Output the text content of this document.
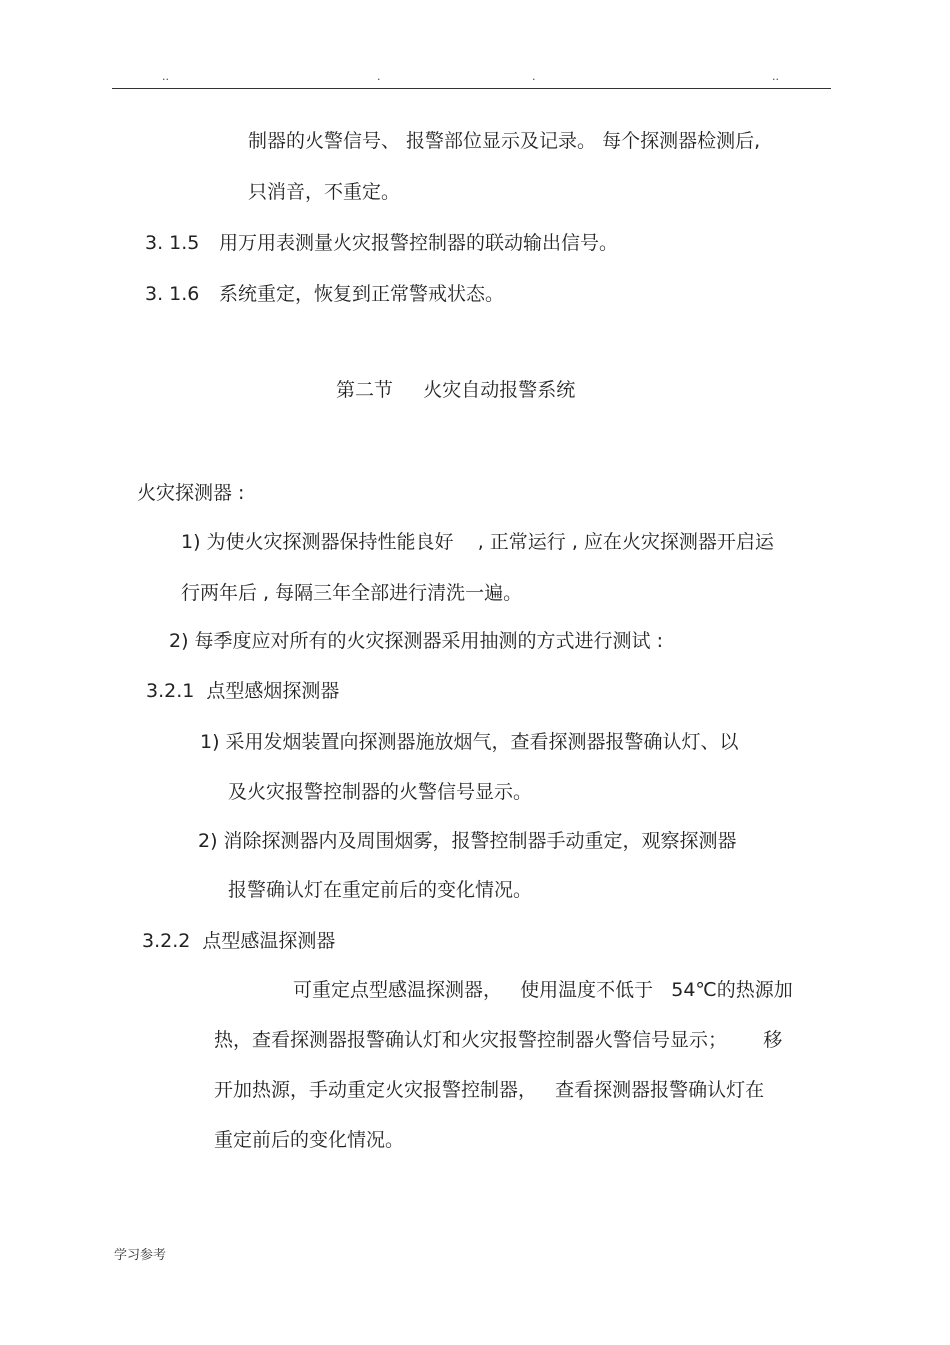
..	.	.	..
制器的火警信号、 报警部位显示及记录。 每个探测器检测后,
只消音，不重定。
3. 1.5 用万用表测量火灾报警控制器的联动输出信号。
3. 1.6 系统重定，恢复到正常警戒状态。
第二节     火灾自动报警系统
火灾探测器 :
1) 为使火灾探测器保持性能良好    , 正常运行 , 应在火灾探测器开启运
行两年后 , 每隔三年全部进行清洗一遍。
2) 每季度应对所有的火灾探测器采用抽测的方式进行测试 :
3.2.1  点型感烟探测器
1) 采用发烟装置向探测器施放烟气，查看探测器报警确认灯、以
及火灾报警控制器的火警信号显示。
2) 消除探测器内及周围烟雾，报警控制器手动重定，观察探测器
报警确认灯在重定前后的变化情况。
3.2.2  点型感温探测器
可重定点型感温探测器，   使用温度不低于   54℃的热源加
热，查看探测器报警确认灯和火灾报警控制器火警信号显示；      移
开加热源，手动重定火灾报警控制器，   查看探测器报警确认灯在
重定前后的变化情况。
学习参考
